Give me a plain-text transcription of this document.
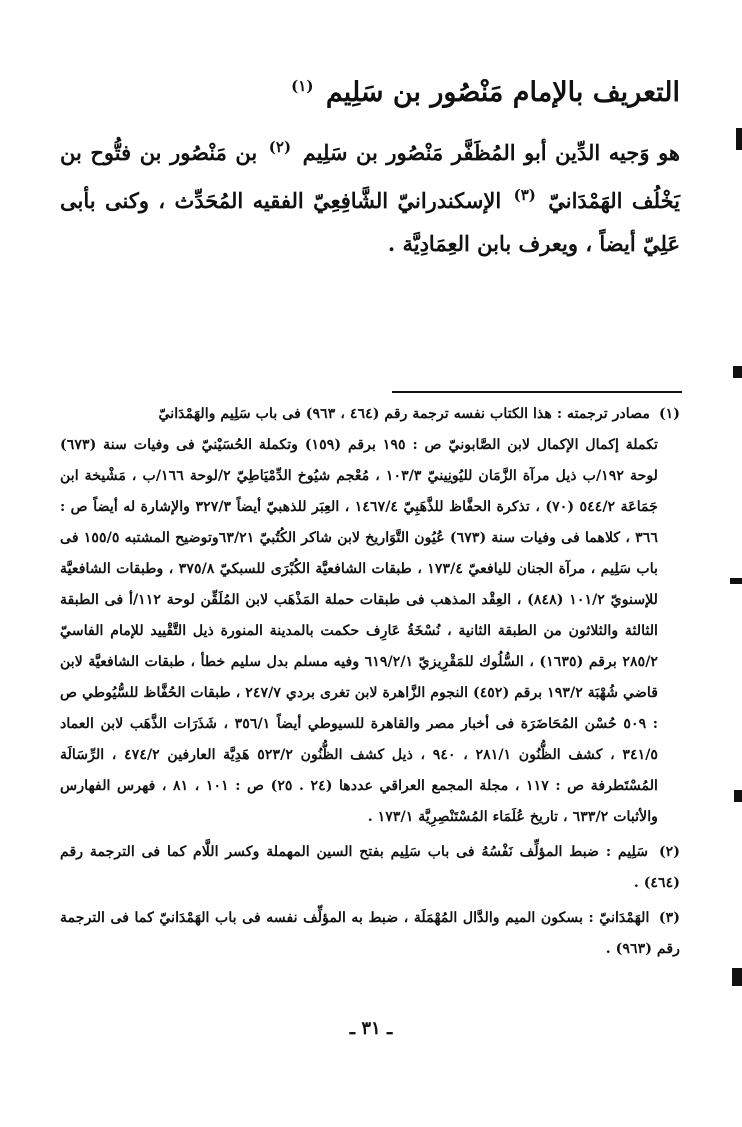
التعريف بالإمام مَنْصُور بن سَلِيم $^{(١)}$

هو وَجيه الدِّين أبو المُظَفَّر مَنْصُور بن سَلِيم $^{(٢)}$ بن مَنْصُور بن فتُّوح بن يَخْلُف الهَمْدَانيّ $^{(٣)}$ الإسكندرانيّ الشَّافِعِيّ الفقيه المُحَدِّث ، وكنى بأبى عَلِيّ أيضاً ، ويعرف بابن العِمَادِيَّة .

(١) مصادر ترجمته : هذا الكتاب نفسه ترجمة رقم (٤٦٤ ، ٩٦٣) فى باب سَلِيم والهَمْدَانيّ

تكملة إكمال الإكمال لابن الصَّابونيّ ص : ١٩٥ برقم (١٥٩) وتكملة الحُسَيْنيّ فى وفيات سنة (٦٧٣) لوحة ١٩٢/ب ذيل مرآة الزَّمَان لليُونِينيّ ١٠٣/٣ ، مُعْجم شيُوخ الدِّمْيَاطِيّ ٢/لوحة ١٦٦/ب ، مَشْيخة ابن جَمَاعَة ٥٤٤/٢ (٧٠) ، تذكرة الحفَّاظ للذَّهَبِيّ ١٤٦٧/٤ ، العِبَر للذهبيّ أيضاً ٣٢٧/٣ والإشارة له أيضاً ص : ٣٦٦ ، كلاهما فى وفيات سنة (٦٧٣) عُيُون التَّوَاريخ لابن شاكر الكُتُبيّ ٦٣/٢١وتوضيح المشتبه ١٥٥/٥ فى باب سَلِيم ، مرآة الجنان لليافعيّ ١٧٣/٤ ، طبقات الشافعيَّة الكُبْرَى للسبكيّ ٣٧٥/٨ ، وطبقات الشافعيَّة للإسنويّ ١٠١/٢ (٨٤٨) ، العِقْد المذهب فى طبقات حملة المَذْهَب لابن المُلَقِّن لوحة ١١٢/أ فى الطبقة الثالثة والثلاثون من الطبقة الثانية ، نُسْخَةُ عَارِف حكمت بالمدينة المنورة ذيل التَّقْييد للإمام الفاسيّ ٢٨٥/٢ برقم (١٦٣٥) ، السُّلُوك للمَقْرِيزيّ ٦١٩/٢/١ وفيه مسلم بدل سليم خطأ ، طبقات الشافعيَّة لابن قاضي شُهْبَة ١٩٣/٢ برقم (٤٥٢) النجوم الزَّاهرة لابن تغرى بردي ٢٤٧/٧ ، طبقات الحُفَّاظ للسُّيُوطي ص : ٥٠٩ حُسْن المُحَاضَرَة فى أخبار مصر والقاهرة للسيوطي أيضاً ٣٥٦/١ ، شَذَرَات الذَّهَب لابن العماد ٣٤١/٥ ، كشف الظُّنُون ٢٨١/١ ، ٩٤٠ ، ذيل كشف الظُّنُون ٥٢٣/٢ هَدِيَّة العارفين ٤٧٤/٢ ، الرِّسَالَة المُسْتَطرفة ص : ١١٧ ، مجلة المجمع العراقي عددها (٢٤ . ٢٥) ص : ١٠١ ، ٨١ ، فهرس الفهارس والأثبات ٦٣٣/٢ ، تاريخ عُلَمَاء المُسْتَنْصِرِيَّة ١٧٣/١ .

(٢) سَلِيم : ضبط المؤلِّف نَفْسُهُ فى باب سَلِيم بفتح السين المهملة وكسر اللَّام كما فى الترجمة رقم (٤٦٤) .

(٣) الهَمْدَانيّ : بسكون الميم والدَّال المُهْمَلَة ، ضبط به المؤلِّف نفسه فى باب الهَمْدَانيّ كما فى الترجمة رقم (٩٦٣) .

ـ ٣١ ـ
